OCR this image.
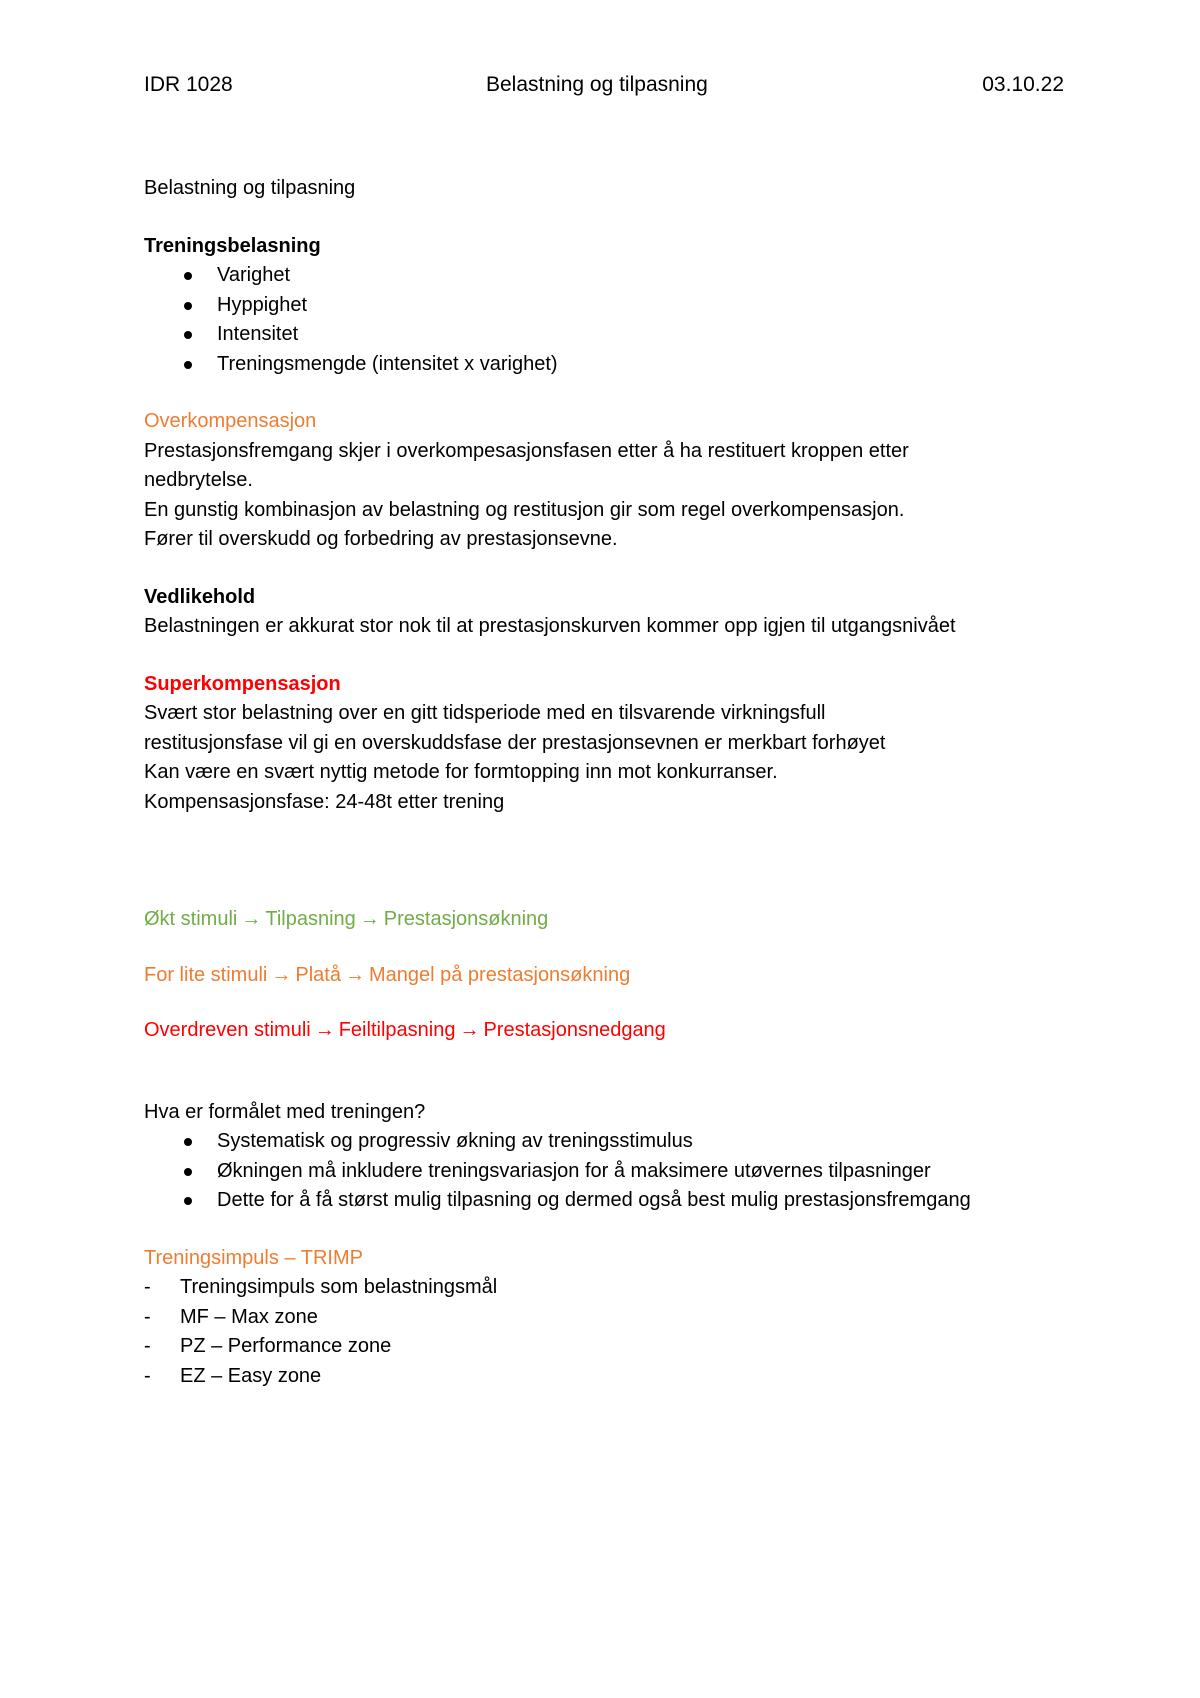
IDR 1028	Belastning og tilpasning	03.10.22
Belastning og tilpasning
Treningsbelasning
Varighet
Hyppighet
Intensitet
Treningsmengde (intensitet x varighet)
Overkompensasjon
Prestasjonsfremgang skjer i overkompesasjonsfasen etter å ha restituert kroppen etter
nedbrytelse.
En gunstig kombinasjon av belastning og restitusjon gir som regel overkompensasjon.
Fører til overskudd og forbedring av prestasjonsevne.
Vedlikehold
Belastningen er akkurat stor nok til at prestasjonskurven kommer opp igjen til utgangsnivået
Superkompensasjon
Svært stor belastning over en gitt tidsperiode med en tilsvarende virkningsfull
restitusjonsfase vil gi en overskuddsfase der prestasjonsevnen er merkbart forhøyet
Kan være en svært nyttig metode for formtopping inn mot konkurranser.
Kompensasjonsfase: 24-48t etter trening
Økt stimuli → Tilpasning → Prestasjonsøkning
For lite stimuli → Platå → Mangel på prestasjonsøkning
Overdreven stimuli → Feiltilpasning → Prestasjonsnedgang
Hva er formålet med treningen?
Systematisk og progressiv økning av treningsstimulus
Økningen må inkludere treningsvariasjon for å maksimere utøvernes tilpasninger
Dette for å få størst mulig tilpasning og dermed også best mulig prestasjonsfremgang
Treningsimpuls – TRIMP
- Treningsimpuls som belastningsmål
- MF – Max zone
- PZ – Performance zone
- EZ – Easy zone
